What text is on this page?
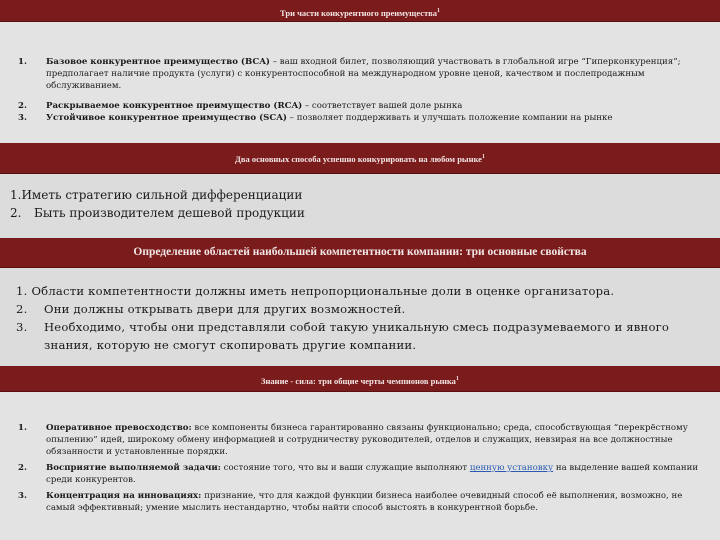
Три части конкурентного преимущества$^1$
1.	Базовое конкурентное преимущество (BCA) – ваш входной билет, позволяющий участвовать в глобальной игре “Гиперконкуренция”; предполагает наличие продукта (услуги) с конкурентоспособной на международном уровне ценой, качеством и послепродажным обслуживанием.
2.	Раскрываемое конкурентное преимущество (RCA) – соответствует вашей доле рынка
3.	Устойчивое конкурентное преимущество (SCA) – позволяет поддерживать и улучшать положение компании на рынке
Два основных способа успешно конкурировать на любом рынке$^1$
1. Иметь стратегию сильной дифференциации
2.	Быть производителем дешевой продукции
Определение областей наибольшей компетентности компании: три основные свойства
1. Области компетентности должны иметь непропорциональные доли в оценке организатора.
2.	Они должны открывать двери для других возможностей.
3.	Необходимо, чтобы они представляли собой такую уникальную смесь подразумеваемого и явного знания, которую не смогут скопировать другие компании.
Знание - сила: три общие черты чемпионов рынка$^1$
1.	Оперативное превосходство: все компоненты бизнеса гарантированно связаны функционально; среда, способствующая “перекрёстному опылению” идей, широкому обмену информацией и сотрудничеству руководителей, отделов и служащих, невзирая на все должностные обязанности и установленные порядки.
2.	Восприятие выполняемой задачи: состояние того, что вы и ваши служащие выполняют ценную установку на выделение вашей компании среди конкурентов.
3.	Концентрация на инновациях: признание, что для каждой функции бизнеса наиболее очевидный способ её выполнения, возможно, не самый эффективный; умение мыслить нестандартно, чтобы найти способ выстоять в конкурентной борьбе.
